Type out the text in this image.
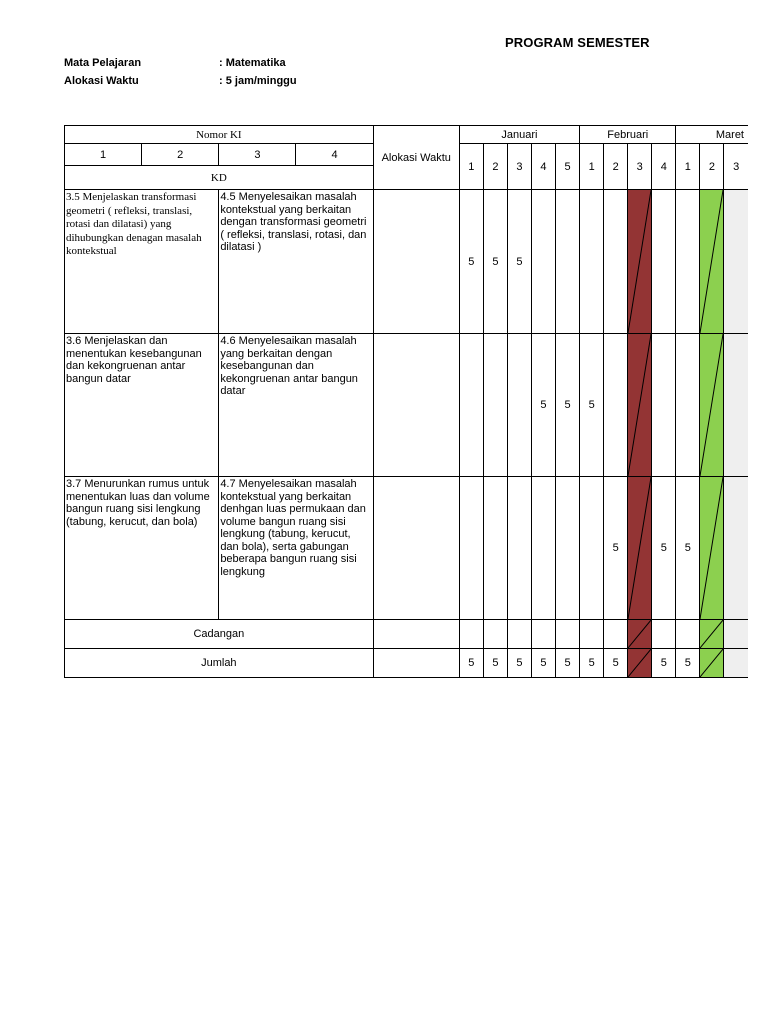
PROGRAM SEMESTER
Mata Pelajaran	: Matematika
Alokasi Waktu	: 5 jam/minggu
Nomor KI				Alokasi Waktu	Januari					Februari				Maret		
1	2	3	4		1	2	3	4	5	1	2	3	4	1	2	3
KD																
3.5 Menjelaskan transformasi geometri ( refleksi, translasi, rotasi dan dilatasi) yang dihubungkan denagan masalah kontekstual		4.5 Menyelesaikan masalah kontekstual yang berkaitan dengan transformasi geometri ( refleksi, translasi, rotasi, dan dilatasi )			5	5	5					

3.6 Menjelaskan dan menentukan kesebangunan dan kekongruenan antar bangun datar		4.6 Menyelesaikan masalah yang berkaitan dengan kesebangunan dan kekongruenan antar bangun datar						5	5	5		

3.7 Menurunkan rumus untuk menentukan luas dan volume bangun ruang sisi lengkung (tabung, kerucut, dan bola)		4.7 Menyelesaikan masalah kontekstual yang berkaitan denhgan luas permukaan dan volume bangun ruang sisi lengkung (tabung, kerucut, dan bola), serta gabungan beberapa bangun ruang sisi lengkung									5		5	5	

Cadangan									

Jumlah					5	5	5	5	5	5	5		5	5	
